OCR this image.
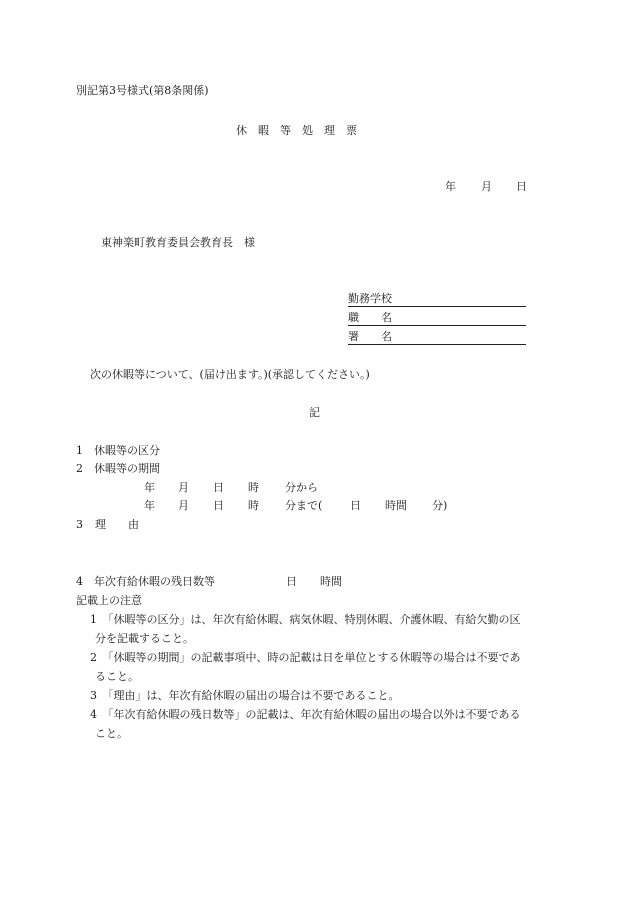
別記第3号様式(第8条関係)
休　暇　等　処　理　票
年 月 日
東神楽町教育委員会教育長　様
勤務学校
職　　名
署　　名
次の休暇等について、(届け出ます。)(承認してください。)
記
1　休暇等の区分
2　休暇等の期間
年 月 日 時 分から
年 月 日 時 分まで(	日 時間 分)
3 理　　由
4　年次有給休暇の残日数等	日 時間
記載上の注意
1　「休暇等の区分」は、年次有給休暇、病気休暇、特別休暇、介護休暇、有給欠勤の区
分を記載すること。
2　「休暇等の期間」の記載事項中、時の記載は日を単位とする休暇等の場合は不要であ
ること。
3　「理由」は、年次有給休暇の届出の場合は不要であること。
4　「年次有給休暇の残日数等」の記載は、年次有給休暇の届出の場合以外は不要である
こと。
